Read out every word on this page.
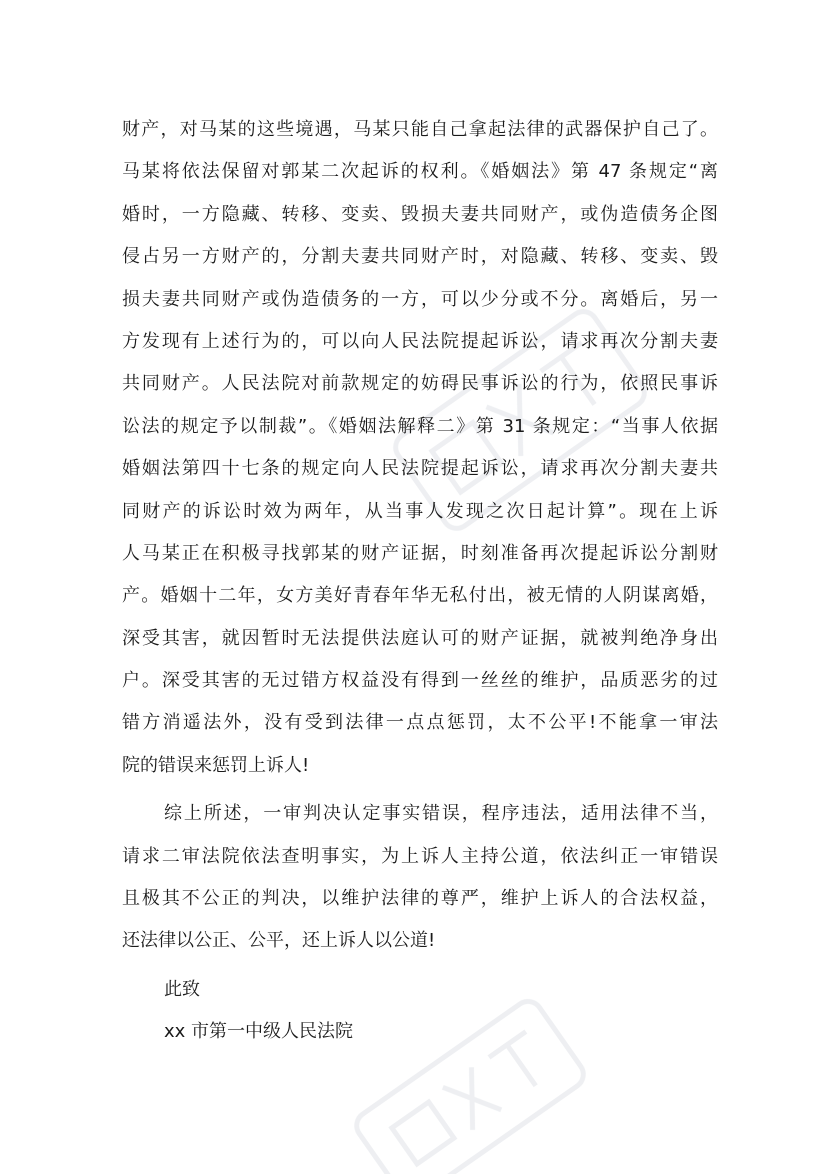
财产，对马某的这些境遇，马某只能自己拿起法律的武器保护自己了。
马某将依法保留对郭某二次起诉的权利。《婚姻法》第 47 条规定“离
婚时，一方隐藏、转移、变卖、毁损夫妻共同财产，或伪造债务企图
侵占另一方财产的，分割夫妻共同财产时，对隐藏、转移、变卖、毁
损夫妻共同财产或伪造债务的一方，可以少分或不分。离婚后，另一
方发现有上述行为的，可以向人民法院提起诉讼，请求再次分割夫妻
共同财产。人民法院对前款规定的妨碍民事诉讼的行为，依照民事诉
讼法的规定予以制裁”。《婚姻法解释二》第 31 条规定：“当事人依据
婚姻法第四十七条的规定向人民法院提起诉讼，请求再次分割夫妻共
同财产的诉讼时效为两年，从当事人发现之次日起计算”。现在上诉
人马某正在积极寻找郭某的财产证据，时刻准备再次提起诉讼分割财
产。婚姻十二年，女方美好青春年华无私付出，被无情的人阴谋离婚，
深受其害，就因暂时无法提供法庭认可的财产证据，就被判绝净身出
户。深受其害的无过错方权益没有得到一丝丝的维护，品质恶劣的过
错方消遥法外，没有受到法律一点点惩罚，太不公平!不能拿一审法
院的错误来惩罚上诉人!
综上所述，一审判决认定事实错误，程序违法，适用法律不当，
请求二审法院依法查明事实，为上诉人主持公道，依法纠正一审错误
且极其不公正的判决，以维护法律的尊严，维护上诉人的合法权益，
还法律以公正、公平，还上诉人以公道!
此致
xx 市第一中级人民法院
